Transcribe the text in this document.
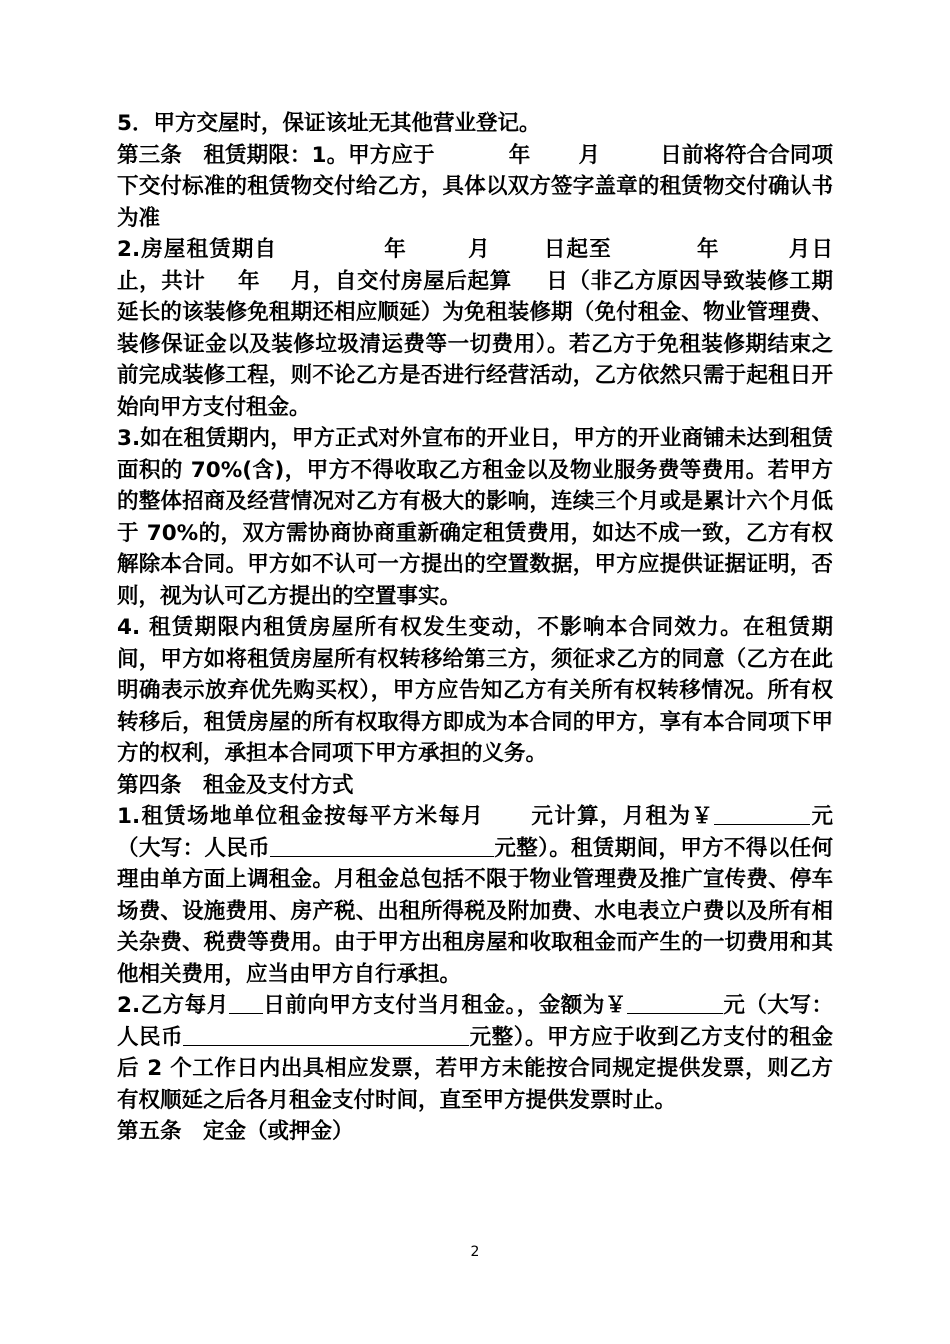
5．甲方交屋时，保证该址无其他营业登记。

第三条　租赁期限：1。甲方应于	年 月	日前将符合合同项下交付标准的租赁物交付给乙方，具体以双方签字盖章的租赁物交付确认书为准

2.房屋租赁期自	年	月 日起至	年	月日止，共计 年 月，自交付房屋后起算 日（非乙方原因导致装修工期延长的该装修免租期还相应顺延）为免租装修期（免付租金、物业管理费、装修保证金以及装修垃圾清运费等一切费用）。若乙方于免租装修期结束之前完成装修工程，则不论乙方是否进行经营活动，乙方依然只需于起租日开始向甲方支付租金。

3.如在租赁期内，甲方正式对外宣布的开业日，甲方的开业商铺未达到租赁面积的 70%(含)，甲方不得收取乙方租金以及物业服务费等费用。若甲方的整体招商及经营情况对乙方有极大的影响，连续三个月或是累计六个月低于 70%的，双方需协商协商重新确定租赁费用，如达不成一致，乙方有权解除本合同。甲方如不认可一方提出的空置数据，甲方应提供证据证明，否则，视为认可乙方提出的空置事实。

4. 租赁期限内租赁房屋所有权发生变动，不影响本合同效力。在租赁期间，甲方如将租赁房屋所有权转移给第三方，须征求乙方的同意（乙方在此明确表示放弃优先购买权），甲方应告知乙方有关所有权转移情况。所有权转移后，租赁房屋的所有权取得方即成为本合同的甲方，享有本合同项下甲方的权利，承担本合同项下甲方承担的义务。

第四条　租金及支付方式

1.租赁场地单位租金按每平方米每月 元计算，月租为￥	元（大写：人民币	元整）。租赁期间，甲方不得以任何理由单方面上调租金。月租金总包括不限于物业管理费及推广宣传费、停车场费、设施费用、房产税、出租所得税及附加费、水电表立户费以及所有相关杂费、税费等费用。由于甲方出租房屋和收取租金而产生的一切费用和其他相关费用，应当由甲方自行承担。

2.乙方每月 日前向甲方支付当月租金。，金额为￥	元（大写：人民币	元整）。甲方应于收到乙方支付的租金后 2 个工作日内出具相应发票，若甲方未能按合同规定提供发票，则乙方有权顺延之后各月租金支付时间，直至甲方提供发票时止。

第五条　定金（或押金）

2
